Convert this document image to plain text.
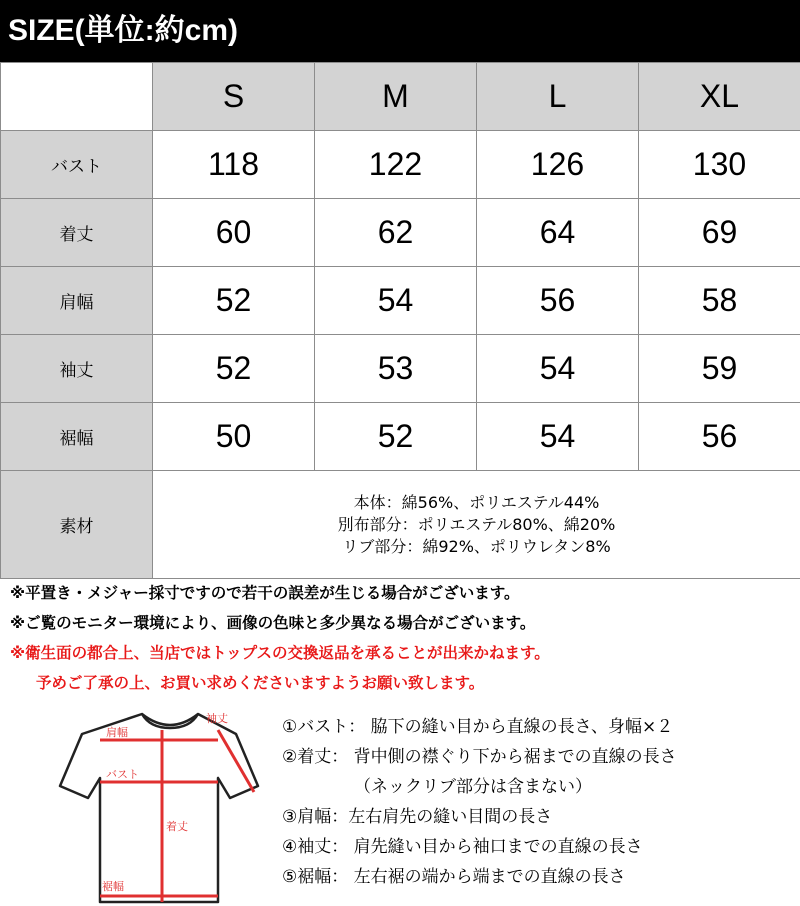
SIZE(単位:約cm)
	S	M	L	XL
バスト	118	122	126	130
着丈	60	62	64	69
肩幅	52	54	56	58
袖丈	52	53	54	59
裾幅	50	52	54	56
素材	本体：綿56%、ポリエステル44%
別布部分：ポリエステル80%、綿20%
リブ部分：綿92%、ポリウレタン8%			
※平置き・メジャー採寸ですので若干の誤差が生じる場合がございます。
※ご覧のモニター環境により、画像の色味と多少異なる場合がございます。
※衛生面の都合上、当店ではトップスの交換返品を承ることが出来かねます。
予めご了承の上、お買い求めくださいますようお願い致します。
袖丈
肩幅
バスト
着丈
裾幅
①バスト： 脇下の縫い目から直線の長さ、身幅×２
②着丈： 背中側の襟ぐり下から裾までの直線の長さ
（ネックリブ部分は含まない）
③肩幅：左右肩先の縫い目間の長さ
④袖丈： 肩先縫い目から袖口までの直線の長さ
⑤裾幅： 左右裾の端から端までの直線の長さ
